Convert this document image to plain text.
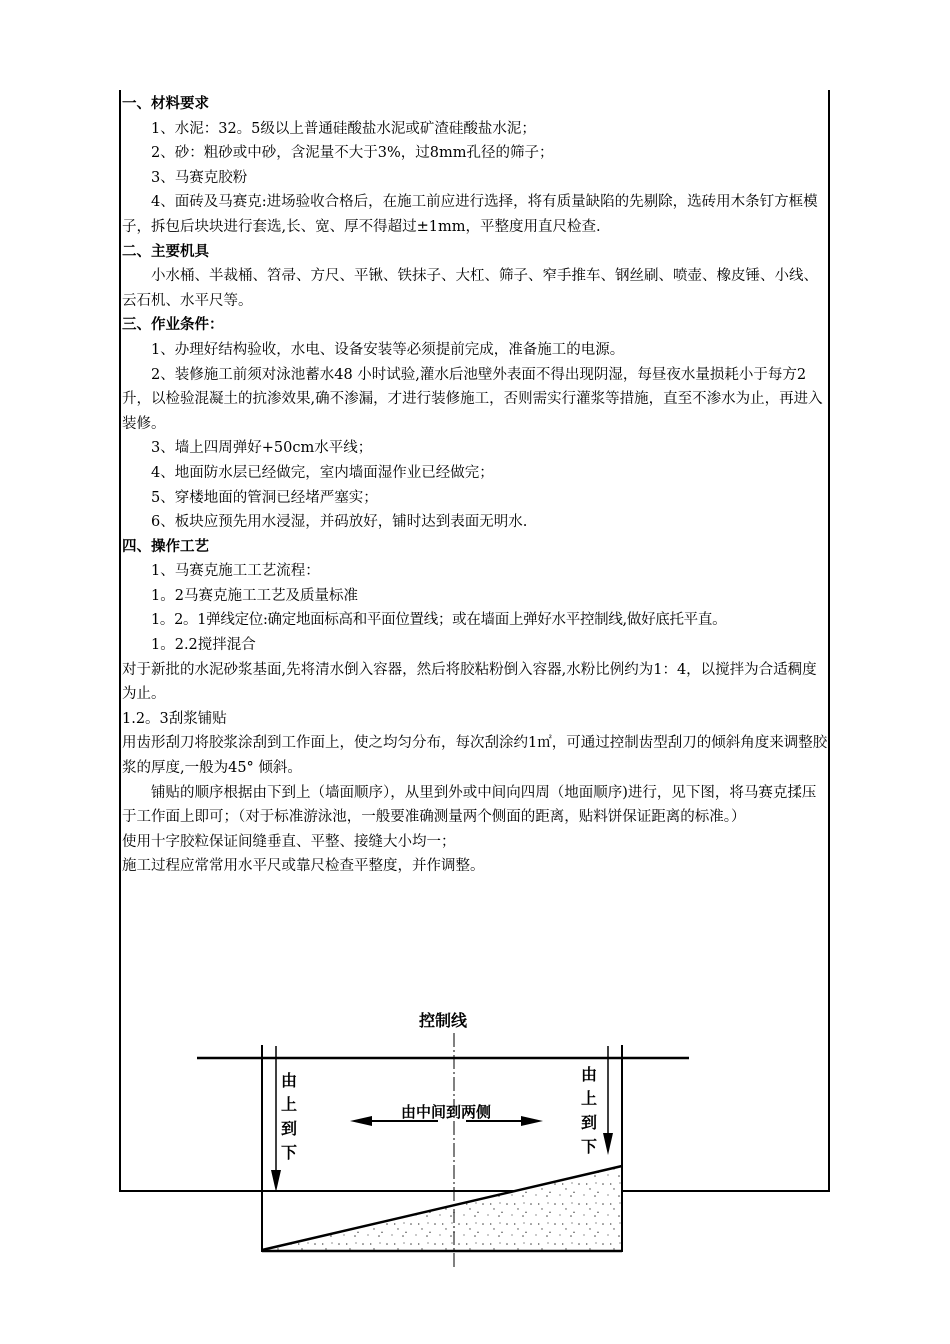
一、材料要求

1、水泥：32。5级以上普通硅酸盐水泥或矿渣硅酸盐水泥；

2、砂：粗砂或中砂，含泥量不大于3%，过8mm孔径的筛子；

3、马赛克胶粉

4、面砖及马赛克:进场验收合格后，在施工前应进行选择，将有质量缺陷的先剔除，选砖用木条钉方框模子，拆包后块块进行套选,长、宽、厚不得超过±1mm，平整度用直尺检查.

二、主要机具

小水桶、半裁桶、笤帚、方尺、平锹、铁抹子、大杠、筛子、窄手推车、钢丝刷、喷壶、橡皮锤、小线、云石机、水平尺等。

三、作业条件：

1、办理好结构验收，水电、设备安装等必须提前完成，准备施工的电源。

2、装修施工前须对泳池蓄水48 小时试验,灌水后池壁外表面不得出现阴湿，每昼夜水量损耗小于每方2 升，以检验混凝土的抗渗效果,确不渗漏，才进行装修施工，否则需实行灌浆等措施，直至不渗水为止，再进入装修。

3、墙上四周弹好+50cm水平线；

4、地面防水层已经做完，室内墙面湿作业已经做完；

5、穿楼地面的管洞已经堵严塞实；

6、板块应预先用水浸湿，并码放好，铺时达到表面无明水.

四、操作工艺

1、马赛克施工工艺流程：

1。2马赛克施工工艺及质量标准

1。2。1弹线定位:确定地面标高和平面位置线；或在墙面上弹好水平控制线,做好底托平直。

1。2.2搅拌混合

对于新批的水泥砂浆基面,先将清水倒入容器，然后将胶粘粉倒入容器,水粉比例约为1：4，以搅拌为合适稠度为止。

1.2。3刮浆铺贴

用齿形刮刀将胶浆涂刮到工作面上，使之均匀分布，每次刮涂约1㎡，可通过控制齿型刮刀的倾斜角度来调整胶浆的厚度,一般为45° 倾斜。

铺贴的顺序根据由下到上（墙面顺序），从里到外或中间向四周（地面顺序)进行，见下图，将马赛克揉压于工作面上即可；（对于标准游泳池，一般要准确测量两个侧面的距离，贴料饼保证距离的标准。）

使用十字胶粒保证间缝垂直、平整、接缝大小均一；

施工过程应常常用水平尺或靠尺检查平整度，并作调整。

控制线
由中间到两侧
由
上
到
下
由
上
到
下
